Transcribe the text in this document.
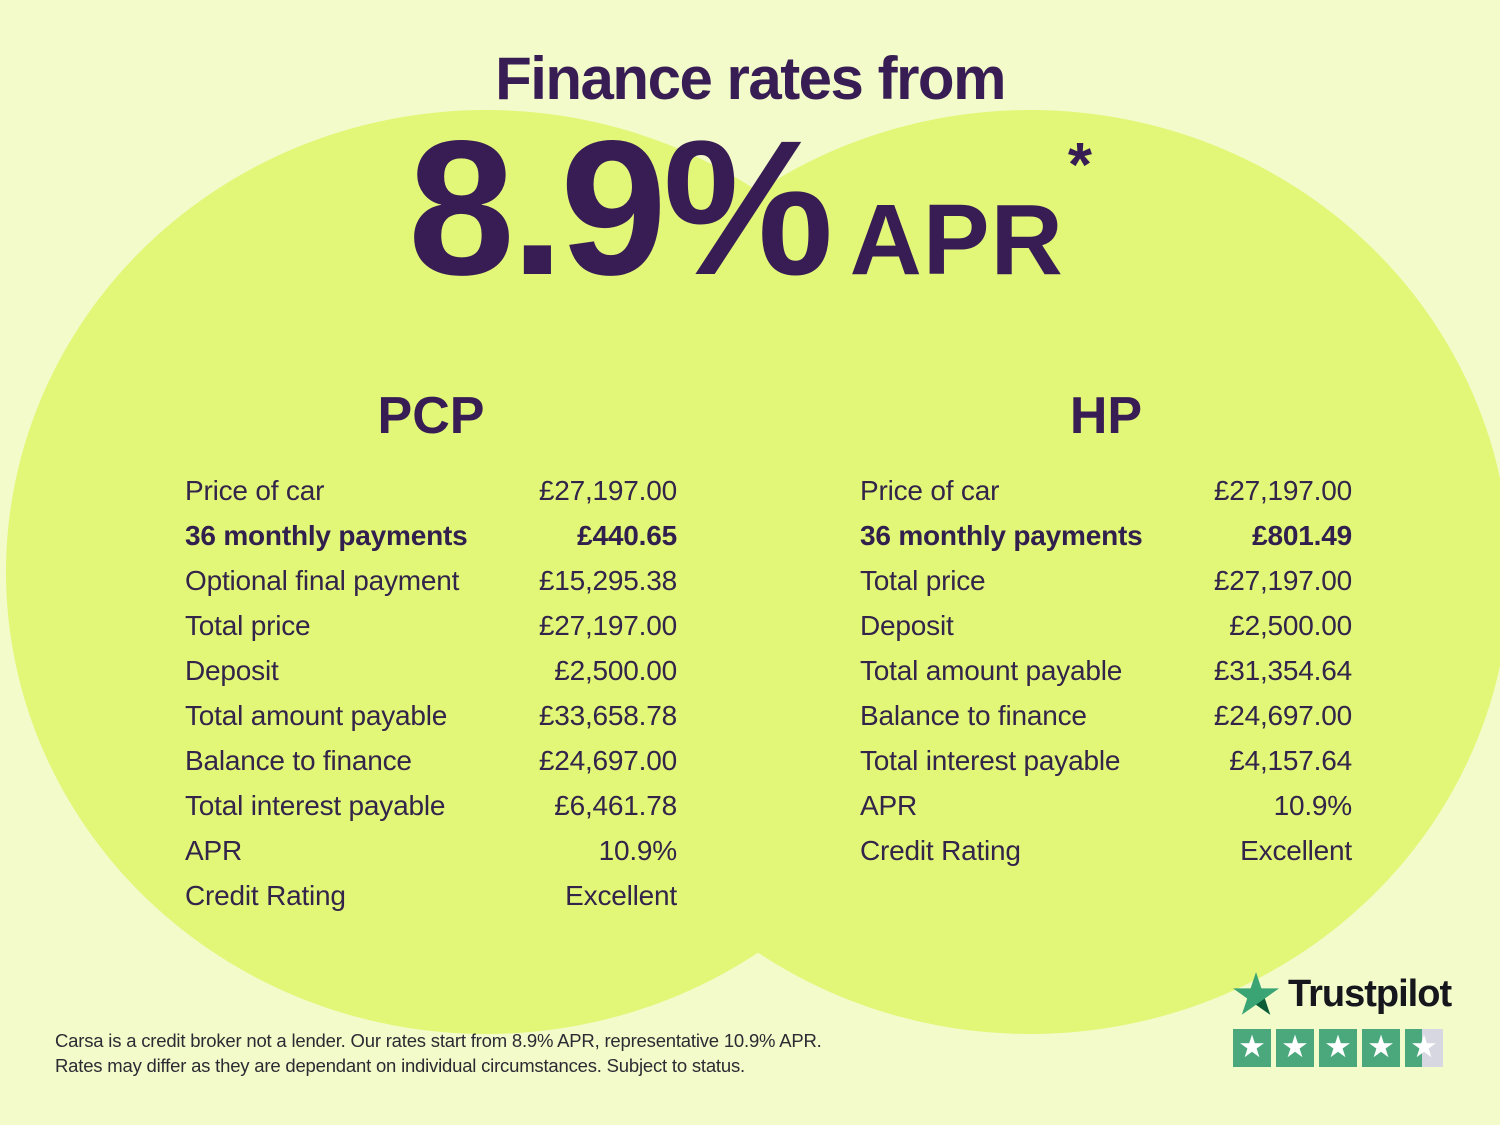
Finance rates from
8.9% APR
*
PCP
Price of car	£27,197.00
36 monthly payments	£440.65
Optional final payment	£15,295.38
Total price	£27,197.00
Deposit	£2,500.00
Total amount payable	£33,658.78
Balance to finance	£24,697.00
Total interest payable	£6,461.78
APR	10.9%
Credit Rating	Excellent
HP
Price of car	£27,197.00
36 monthly payments	£801.49
Total price	£27,197.00
Deposit	£2,500.00
Total amount payable	£31,354.64
Balance to finance	£24,697.00
Total interest payable	£4,157.64
APR	10.9%
Credit Rating	Excellent
Carsa is a credit broker not a lender. Our rates start from 8.9% APR, representative 10.9% APR.
Rates may differ as they are dependant on individual circumstances. Subject to status.
Trustpilot
★ ★ ★ ★ ★
